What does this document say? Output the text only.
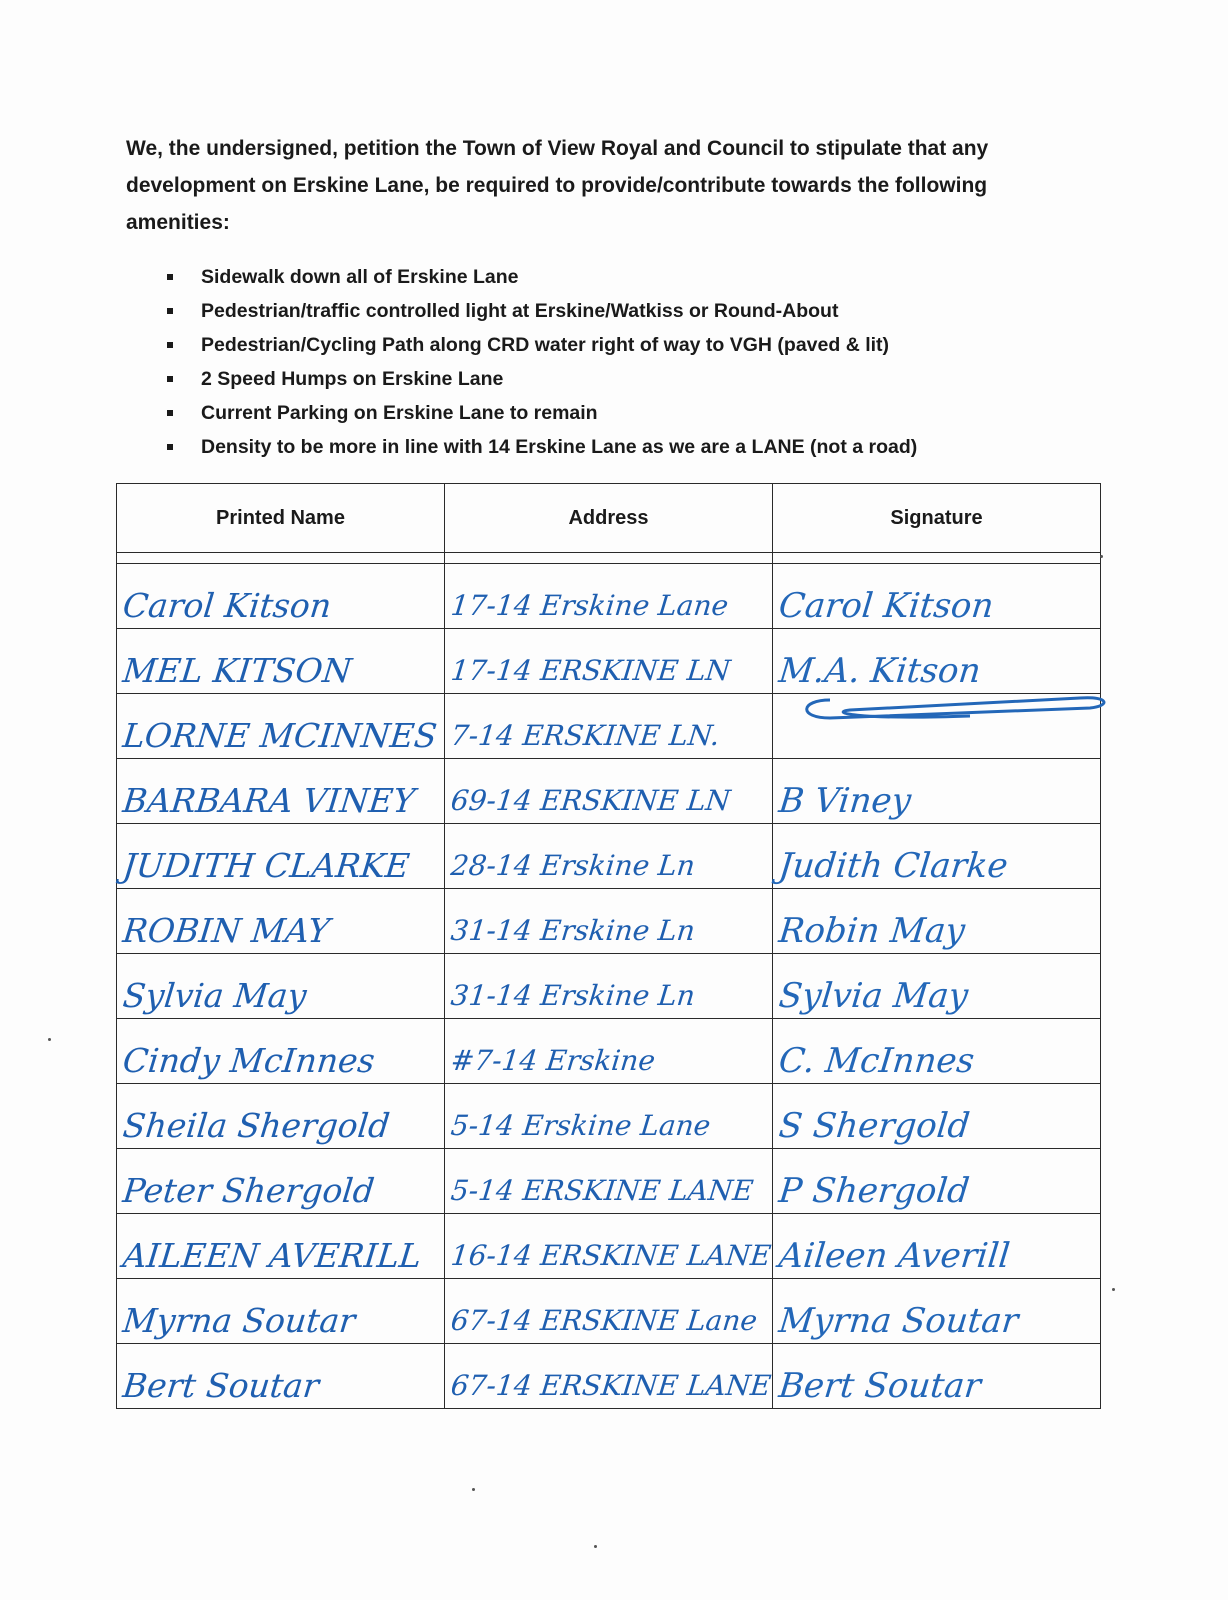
We, the undersigned, petition the Town of View Royal and Council to stipulate that any development on Erskine Lane, be required to provide/contribute towards the following amenities:

Sidewalk down all of Erskine Lane
Pedestrian/traffic controlled light at Erskine/Watkiss or Round-About
Pedestrian/Cycling Path along CRD water right of way to VGH (paved & lit)
2 Speed Humps on Erskine Lane
Current Parking on Erskine Lane to remain
Density to be more in line with 14 Erskine Lane as we are a LANE (not a road)
Printed Name	Address	Signature

Carol Kitson	17-14 Erskine Lane	Carol Kitson
MEL KITSON	17-14 ERSKINE LN	M.A. Kitson
LORNE MCINNES	7-14 ERSKINE LN.	
BARBARA VINEY	69-14 ERSKINE LN	B Viney
JUDITH CLARKE	28-14 Erskine Ln	Judith Clarke
ROBIN MAY	31-14 Erskine Ln	Robin May
Sylvia May	31-14 Erskine Ln	Sylvia May
Cindy McInnes	#7-14 Erskine	C. McInnes
Sheila Shergold	5-14 Erskine Lane	S Shergold
Peter Shergold	5-14 ERSKINE LANE	P Shergold
AILEEN AVERILL	16-14 ERSKINE LANE	Aileen Averill
Myrna Soutar	67-14 ERSKINE Lane	Myrna Soutar
Bert Soutar	67-14 ERSKINE LANE	Bert Soutar
